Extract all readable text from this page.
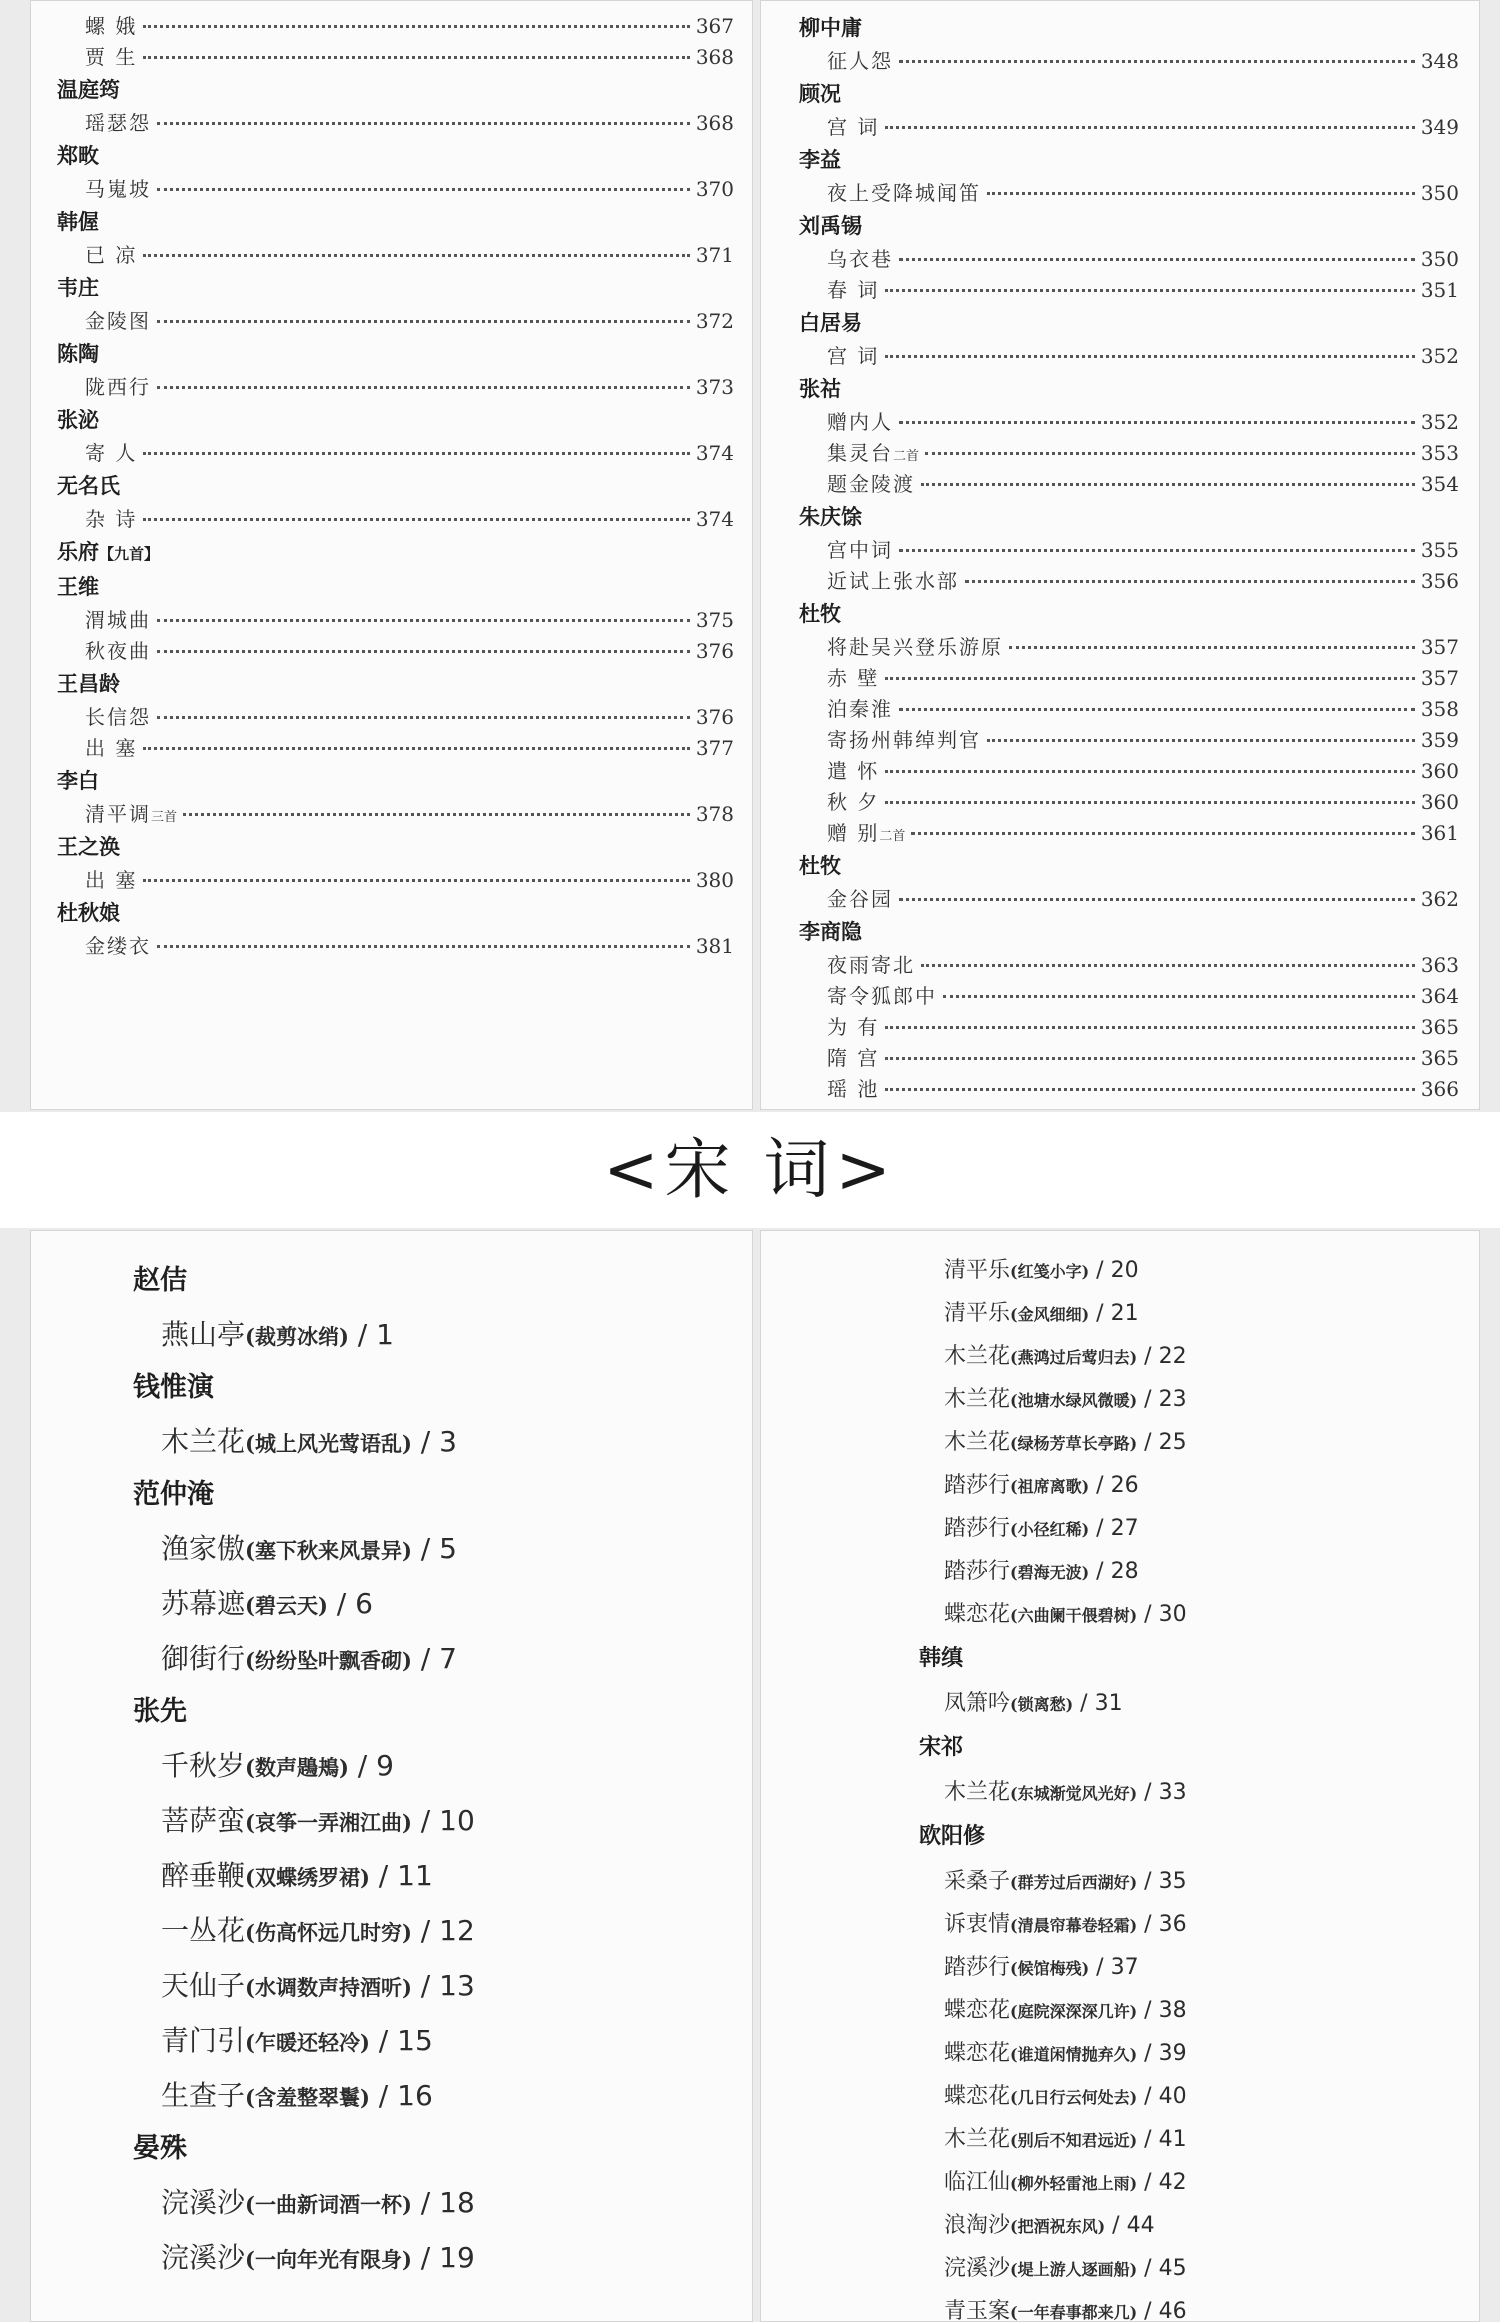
螺 娥	367
贾 生	368
温庭筠
瑶瑟怨	368
郑畋
马嵬坡	370
韩偓
已 凉	371
韦庄
金陵图	372
陈陶
陇西行	373
张泌
寄 人	374
无名氏
杂 诗	374
乐府【九首】
王维
渭城曲	375
秋夜曲	376
王昌龄
长信怨	376
出 塞	377
李白
清平调 三首	378
王之涣
出 塞	380
杜秋娘
金缕衣	381
柳中庸
征人怨	348
顾况
宫 词	349
李益
夜上受降城闻笛	350
刘禹锡
乌衣巷	350
春 词	351
白居易
宫 词	352
张祜
赠内人	352
集灵台 二首	353
题金陵渡	354
朱庆馀
宫中词	355
近试上张水部	356
杜牧
将赴吴兴登乐游原	357
赤 壁	357
泊秦淮	358
寄扬州韩绰判官	359
遣 怀	360
秋 夕	360
赠 别 二首	361
杜牧
金谷园	362
李商隐
夜雨寄北	363
寄令狐郎中	364
为 有	365
隋 宫	365
瑶 池	366
<宋 词>
赵佶
燕山亭(裁剪冰绡) / 1
钱惟演
木兰花(城上风光莺语乱) / 3
范仲淹
渔家傲(塞下秋来风景异) / 5
苏幕遮(碧云天) / 6
御街行(纷纷坠叶飘香砌) / 7
张先
千秋岁(数声鶗鴂) / 9
菩萨蛮(哀筝一弄湘江曲) / 10
醉垂鞭(双蝶绣罗裙) / 11
一丛花(伤高怀远几时穷) / 12
天仙子(水调数声持酒听) / 13
青门引(乍暖还轻冷) / 15
生查子(含羞整翠鬟) / 16
晏殊
浣溪沙(一曲新词酒一杯) / 18
浣溪沙(一向年光有限身) / 19
清平乐(红笺小字) / 20
清平乐(金风细细) / 21
木兰花(燕鸿过后莺归去) / 22
木兰花(池塘水绿风微暖) / 23
木兰花(绿杨芳草长亭路) / 25
踏莎行(祖席离歌) / 26
踏莎行(小径红稀) / 27
踏莎行(碧海无波) / 28
蝶恋花(六曲阑干偎碧树) / 30
韩缜
凤箫吟(锁离愁) / 31
宋祁
木兰花(东城渐觉风光好) / 33
欧阳修
采桑子(群芳过后西湖好) / 35
诉衷情(清晨帘幕卷轻霜) / 36
踏莎行(候馆梅残) / 37
蝶恋花(庭院深深深几许) / 38
蝶恋花(谁道闲情抛弃久) / 39
蝶恋花(几日行云何处去) / 40
木兰花(别后不知君远近) / 41
临江仙(柳外轻雷池上雨) / 42
浪淘沙(把酒祝东风) / 44
浣溪沙(堤上游人逐画船) / 45
青玉案(一年春事都来几) / 46
